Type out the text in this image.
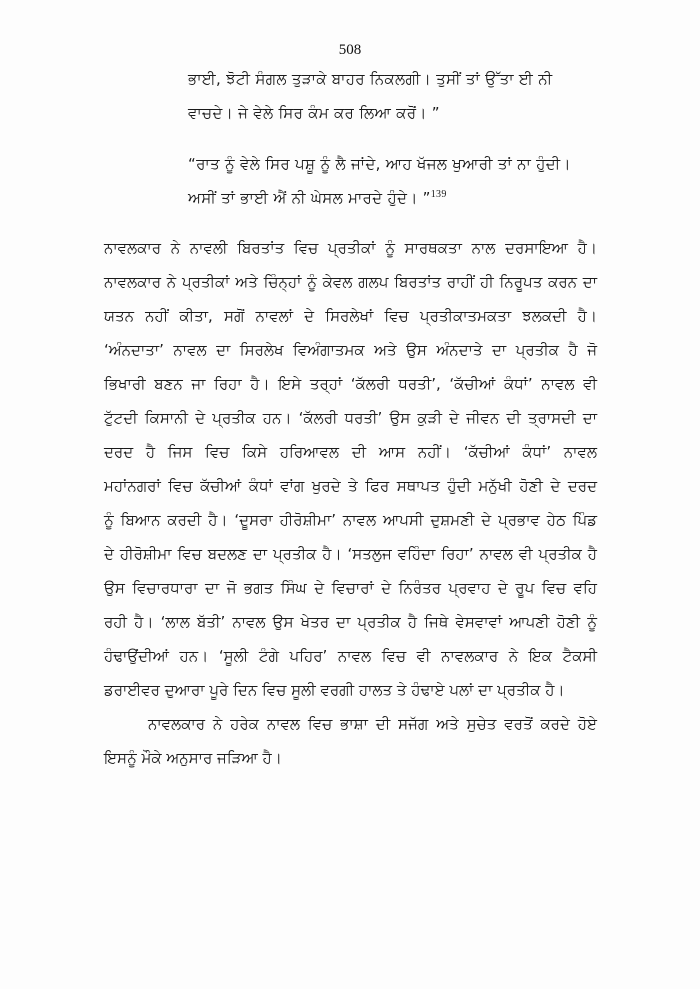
508
ਭਾਈ, ਝੋਟੀ ਸੰਗਲ ਤੁੜਾਕੇ ਬਾਹਰ ਨਿਕਲਗੀ। ਤੁਸੀਂ ਤਾਂ ਉੱਤਾ ਈ ਨੀ
ਵਾਚਦੇ। ਜੇ ਵੇਲੇ ਸਿਰ ਕੰਮ ਕਰ ਲਿਆ ਕਰੋਂ। ”
“ਰਾਤ ਨੂੰ ਵੇਲੇ ਸਿਰ ਪਸ਼ੂ ਨੂੰ ਲੈ ਜਾਂਦੇ, ਆਹ ਖੱਜਲ ਖੁਆਰੀ ਤਾਂ ਨਾ ਹੁੰਦੀ।
ਅਸੀਂ ਤਾਂ ਭਾਈ ਐਂ ਨੀ ਘੇਸਲ ਮਾਰਦੇ ਹੁੰਦੇ। ”$^{139}$
ਨਾਵਲਕਾਰ ਨੇ ਨਾਵਲੀ ਬਿਰਤਾਂਤ ਵਿਚ ਪ੍ਰਤੀਕਾਂ ਨੂੰ ਸਾਰਥਕਤਾ ਨਾਲ ਦਰਸਾਇਆ ਹੈ।
ਨਾਵਲਕਾਰ ਨੇ ਪ੍ਰਤੀਕਾਂ ਅਤੇ ਚਿੰਨ੍ਹਾਂ ਨੂੰ ਕੇਵਲ ਗਲਪ ਬਿਰਤਾਂਤ ਰਾਹੀਂ ਹੀ ਨਿਰੂਪਤ ਕਰਨ ਦਾ
ਯਤਨ ਨਹੀਂ ਕੀਤਾ, ਸਗੋਂ ਨਾਵਲਾਂ ਦੇ ਸਿਰਲੇਖਾਂ ਵਿਚ ਪ੍ਰਤੀਕਾਤਮਕਤਾ ਝਲਕਦੀ ਹੈ।
‘ਅੰਨਦਾਤਾ’ ਨਾਵਲ ਦਾ ਸਿਰਲੇਖ ਵਿਅੰਗਾਤਮਕ ਅਤੇ ਉਸ ਅੰਨਦਾਤੇ ਦਾ ਪ੍ਰਤੀਕ ਹੈ ਜੋ
ਭਿਖਾਰੀ ਬਣਨ ਜਾ ਰਿਹਾ ਹੈ। ਇਸੇ ਤਰ੍ਹਾਂ ‘ਕੱਲਰੀ ਧਰਤੀ’, ‘ਕੱਚੀਆਂ ਕੰਧਾਂ’ ਨਾਵਲ ਵੀ
ਟੁੱਟਦੀ ਕਿਸਾਨੀ ਦੇ ਪ੍ਰਤੀਕ ਹਨ। ‘ਕੱਲਰੀ ਧਰਤੀ’ ਉਸ ਕੁੜੀ ਦੇ ਜੀਵਨ ਦੀ ਤ੍ਰਾਸਦੀ ਦਾ
ਦਰਦ ਹੈ ਜਿਸ ਵਿਚ ਕਿਸੇ ਹਰਿਆਵਲ ਦੀ ਆਸ ਨਹੀਂ। ‘ਕੱਚੀਆਂ ਕੰਧਾਂ’ ਨਾਵਲ
ਮਹਾਂਨਗਰਾਂ ਵਿਚ ਕੱਚੀਆਂ ਕੰਧਾਂ ਵਾਂਗ ਖੁਰਦੇ ਤੇ ਫਿਰ ਸਥਾਪਤ ਹੁੰਦੀ ਮਨੁੱਖੀ ਹੋਣੀ ਦੇ ਦਰਦ
ਨੂੰ ਬਿਆਨ ਕਰਦੀ ਹੈ। ‘ਦੂਸਰਾ ਹੀਰੋਸ਼ੀਮਾ’ ਨਾਵਲ ਆਪਸੀ ਦੁਸ਼ਮਣੀ ਦੇ ਪ੍ਰਭਾਵ ਹੇਠ ਪਿੰਡ
ਦੇ ਹੀਰੋਸ਼ੀਮਾ ਵਿਚ ਬਦਲਣ ਦਾ ਪ੍ਰਤੀਕ ਹੈ। ‘ਸਤਲੁਜ ਵਹਿੰਦਾ ਰਿਹਾ’ ਨਾਵਲ ਵੀ ਪ੍ਰਤੀਕ ਹੈ
ਉਸ ਵਿਚਾਰਧਾਰਾ ਦਾ ਜੋ ਭਗਤ ਸਿੰਘ ਦੇ ਵਿਚਾਰਾਂ ਦੇ ਨਿਰੰਤਰ ਪ੍ਰਵਾਹ ਦੇ ਰੂਪ ਵਿਚ ਵਹਿ
ਰਹੀ ਹੈ। ‘ਲਾਲ ਬੱਤੀ’ ਨਾਵਲ ਉਸ ਖੇਤਰ ਦਾ ਪ੍ਰਤੀਕ ਹੈ ਜਿਥੇ ਵੇਸਵਾਵਾਂ ਆਪਣੀ ਹੋਣੀ ਨੂੰ
ਹੰਢਾਉਂਦੀਆਂ ਹਨ। ‘ਸੂਲੀ ਟੰਗੇ ਪਹਿਰ’ ਨਾਵਲ ਵਿਚ ਵੀ ਨਾਵਲਕਾਰ ਨੇ ਇਕ ਟੈਕਸੀ
ਡਰਾਈਵਰ ਦੁਆਰਾ ਪੂਰੇ ਦਿਨ ਵਿਚ ਸੂਲੀ ਵਰਗੀ ਹਾਲਤ ਤੇ ਹੰਢਾਏ ਪਲਾਂ ਦਾ ਪ੍ਰਤੀਕ ਹੈ।
ਨਾਵਲਕਾਰ ਨੇ ਹਰੇਕ ਨਾਵਲ ਵਿਚ ਭਾਸ਼ਾ ਦੀ ਸਜੱਗ ਅਤੇ ਸੁਚੇਤ ਵਰਤੋਂ ਕਰਦੇ ਹੋਏ
ਇਸਨੂੰ ਮੌਕੇ ਅਨੁਸਾਰ ਜੜਿਆ ਹੈ।
